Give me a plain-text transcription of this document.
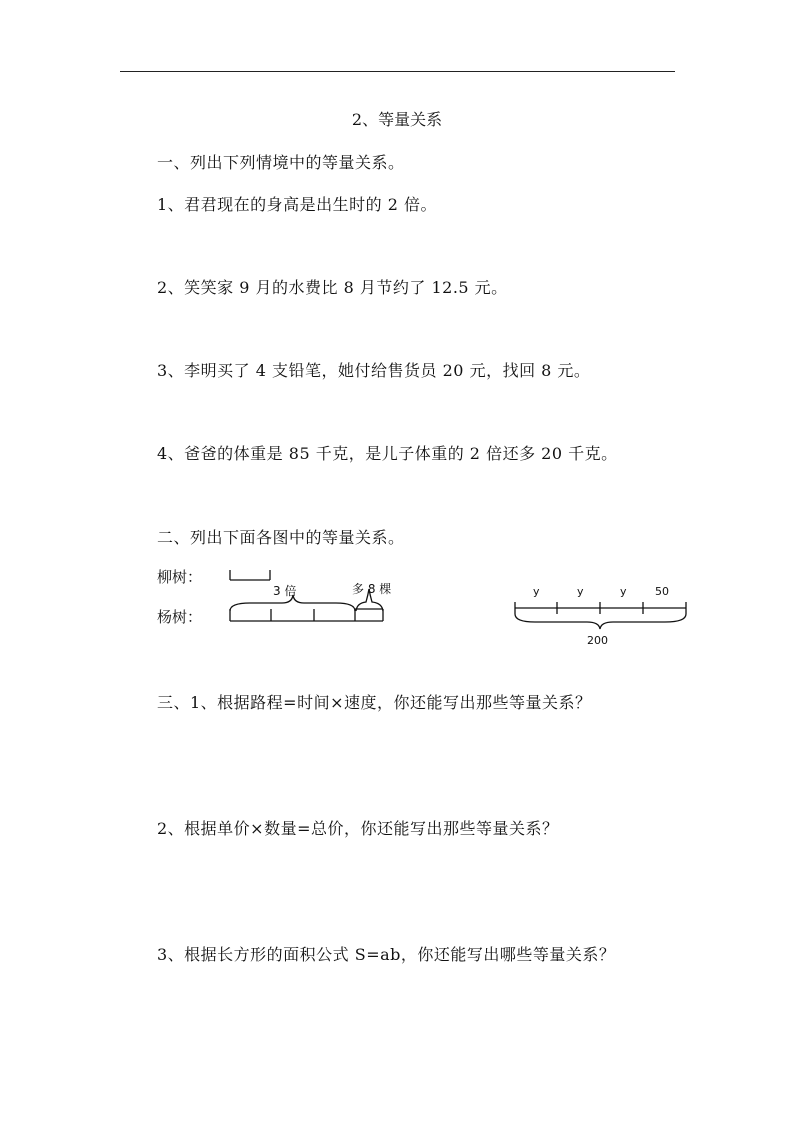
2、等量关系
一、列出下列情境中的等量关系。
1、君君现在的身高是出生时的 2 倍。
2、笑笑家 9 月的水费比 8 月节约了 12.5 元。
3、李明买了 4 支铅笔，她付给售货员 20 元，找回 8 元。
4、爸爸的体重是 85 千克，是儿子体重的 2 倍还多 20 千克。
二、列出下面各图中的等量关系。
柳树：
杨树：
3 倍	多 8 棵	y	y	y	50
200
三、1、根据路程=时间×速度，你还能写出那些等量关系？
2、根据单价×数量=总价，你还能写出那些等量关系？
3、根据长方形的面积公式 S=ab，你还能写出哪些等量关系？
